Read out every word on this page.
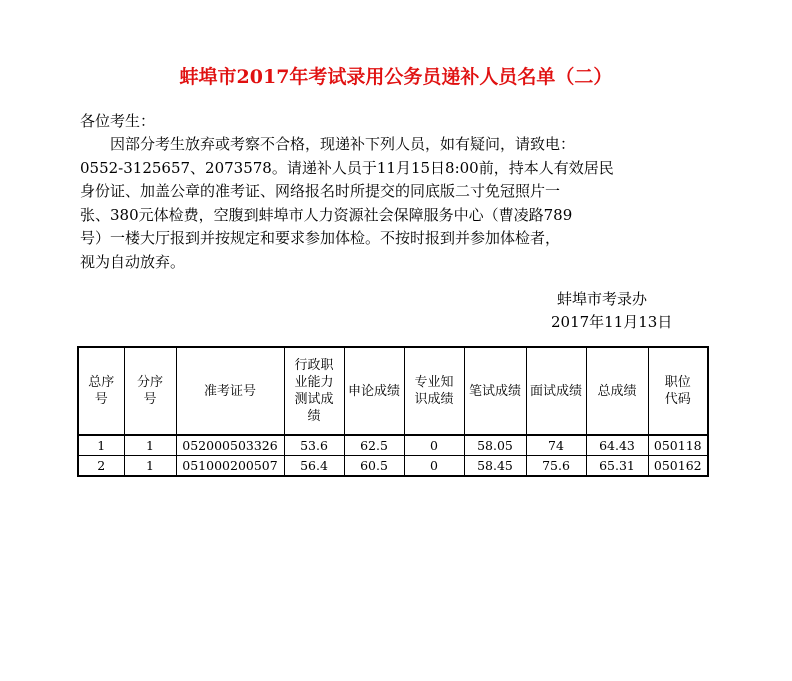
蚌埠市2017年考试录用公务员递补人员名单（二）
各位考生：
因部分考生放弃或考察不合格，现递补下列人员，如有疑问，请致电：
0552-3125657、2073578。请递补人员于11月15日8:00前，持本人有效居民
身份证、加盖公章的准考证、网络报名时所提交的同底版二寸免冠照片一
张、380元体检费，空腹到蚌埠市人力资源社会保障服务中心（曹凌路789
号）一楼大厅报到并按规定和要求参加体检。不按时报到并参加体检者，
视为自动放弃。
蚌埠市考录办
2017年11月13日
总序号	分序号	准考证号	行政职业能力测试成绩	申论成绩	专业知识成绩	笔试成绩	面试成绩	总成绩	职位代码
1	1	052000503326	53.6	62.5	0	58.05	74	64.43	050118
2	1	051000200507	56.4	60.5	0	58.45	75.6	65.31	050162
